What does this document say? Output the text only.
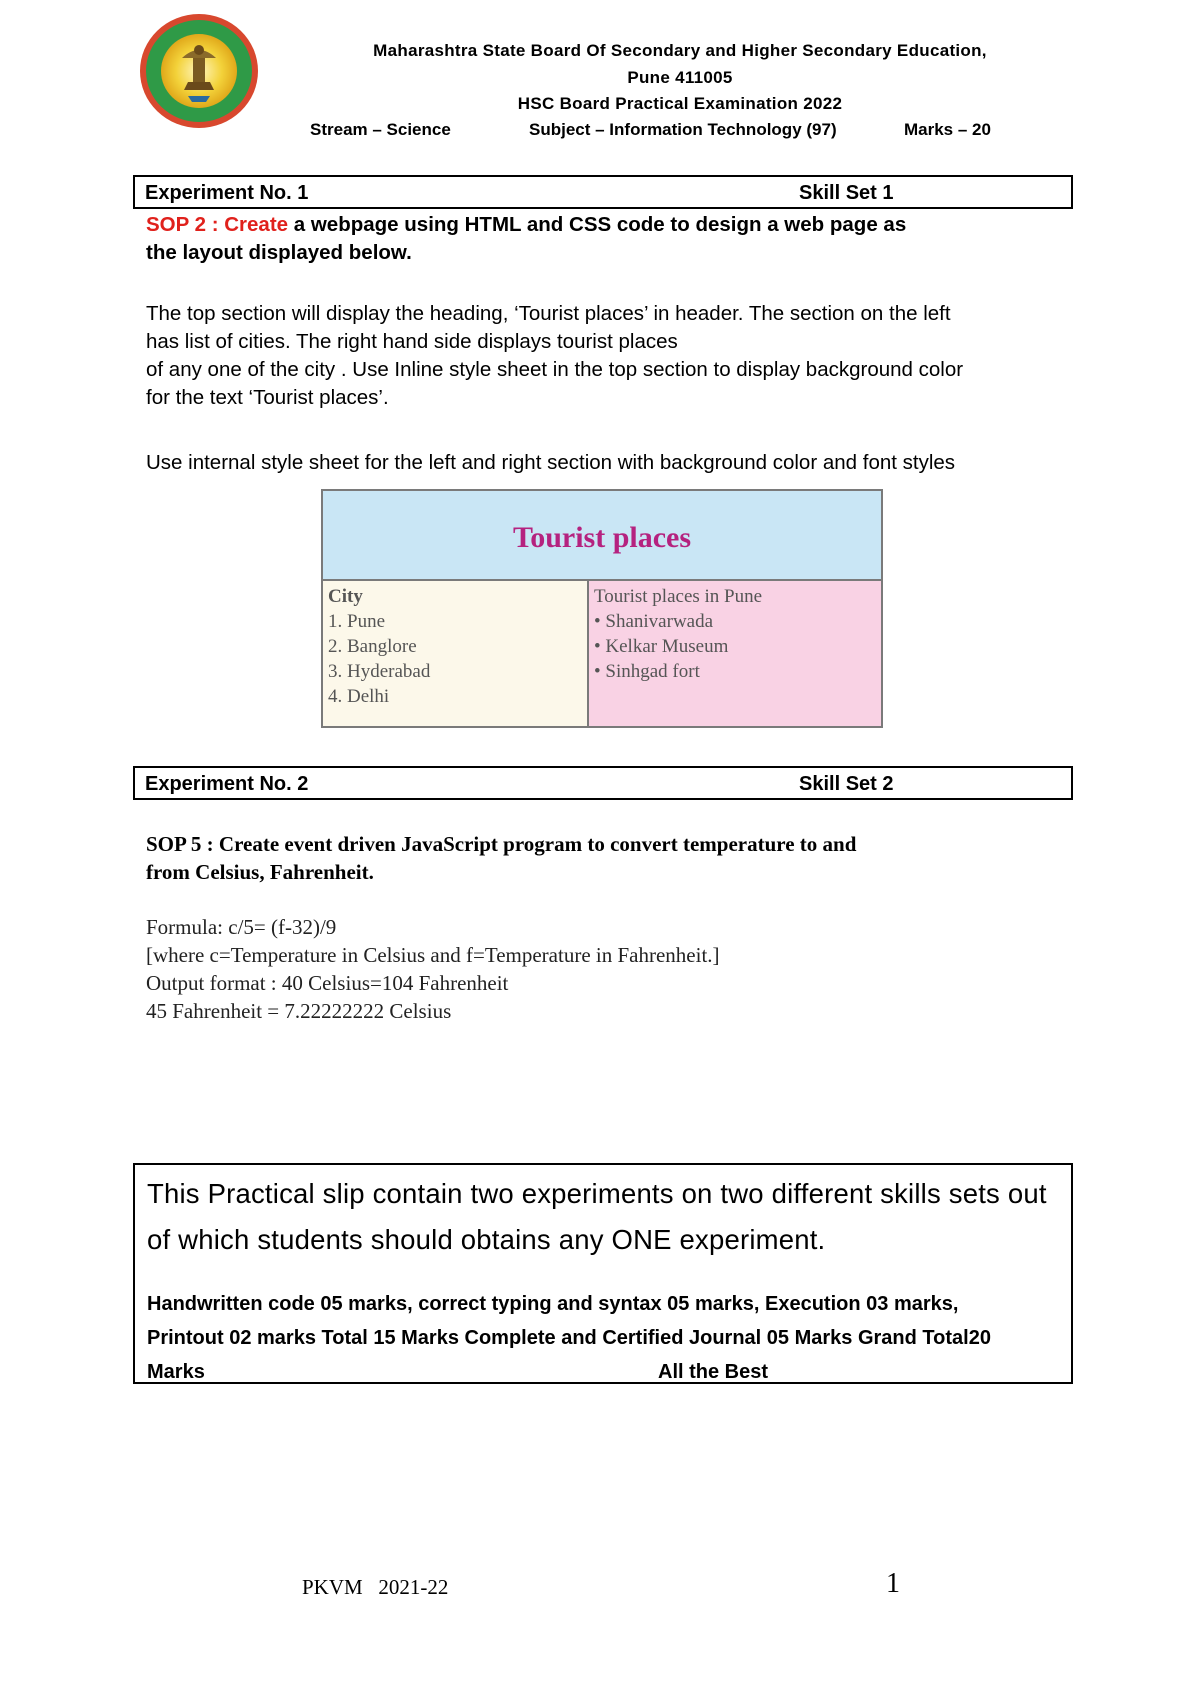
Maharashtra State Board Of Secondary and Higher Secondary Education,
Pune 411005
HSC Board Practical Examination 2022
Stream – Science	Subject – Information Technology (97)	Marks – 20
Experiment No. 1	Skill Set 1
SOP 2 : Create a webpage using HTML and CSS code to design a web page as
the layout displayed below.
The top section will display the heading, ‘Tourist places’ in header. The section on the left
has list of cities. The right hand side displays tourist places
of any one of the city . Use Inline style sheet in the top section to display background color
for the text ‘Tourist places’.
Use internal style sheet for the left and right section with background color and font styles
Tourist places
City
1. Pune
2. Banglore
3. Hyderabad
4. Delhi
Tourist places in Pune
• Shanivarwada
• Kelkar Museum
• Sinhgad fort
Experiment No. 2	Skill Set 2
SOP 5 : Create event driven JavaScript program to convert temperature to and
from Celsius, Fahrenheit.
Formula: c/5= (f-32)/9
[where c=Temperature in Celsius and f=Temperature in Fahrenheit.]
Output format : 40 Celsius=104 Fahrenheit
45 Fahrenheit = 7.22222222 Celsius
This Practical slip contain two experiments on two different skills sets out of which students should obtains any ONE experiment.
Handwritten code 05 marks, correct typing and syntax 05 marks, Execution 03 marks,
Printout 02 marks Total 15 Marks Complete and Certified Journal 05 Marks Grand Total20
Marks	All the Best
PKVM   2021-22	1
